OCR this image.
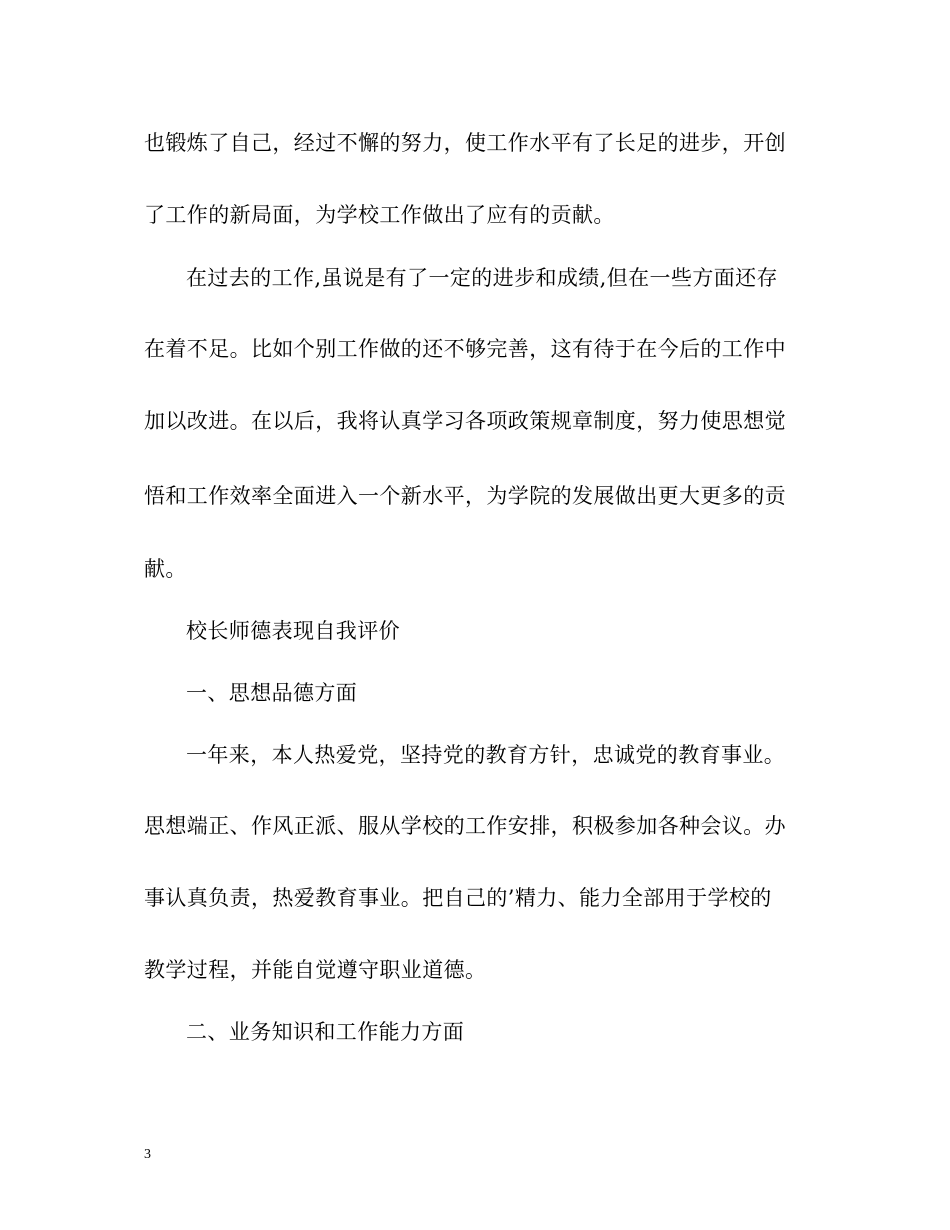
也锻炼了自己，经过不懈的努力，使工作水平有了长足的进步，开创
了工作的新局面，为学校工作做出了应有的贡献。
在过去的工作,虽说是有了一定的进步和成绩,但在一些方面还存
在着不足。比如个别工作做的还不够完善，这有待于在今后的工作中
加以改进。在以后，我将认真学习各项政策规章制度，努力使思想觉
悟和工作效率全面进入一个新水平，为学院的发展做出更大更多的贡
献。
校长师德表现自我评价
一、思想品德方面
一年来，本人热爱党，坚持党的教育方针，忠诚党的教育事业。
思想端正、作风正派、服从学校的工作安排，积极参加各种会议。办
事认真负责，热爱教育事业。把自己的’精力、能力全部用于学校的
教学过程，并能自觉遵守职业道德。
二、业务知识和工作能力方面
3
